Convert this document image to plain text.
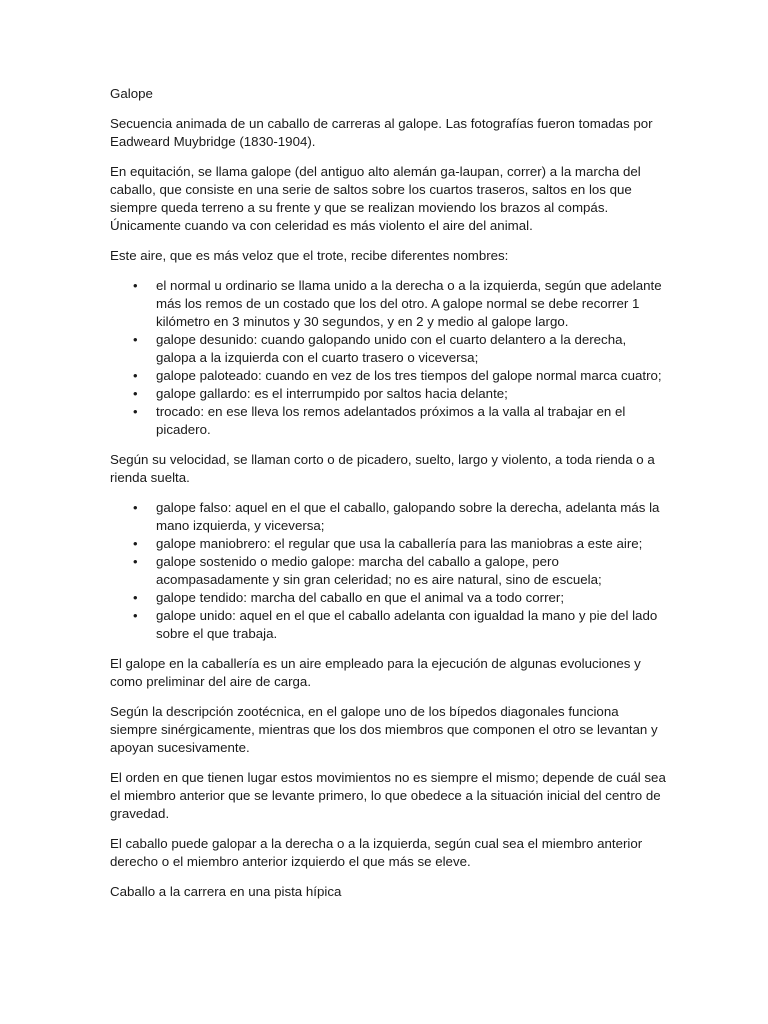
Galope

Secuencia animada de un caballo de carreras al galope. Las fotografías fueron tomadas por Eadweard Muybridge (1830-1904).

En equitación, se llama galope (del antiguo alto alemán ga-laupan, correr) a la marcha del caballo, que consiste en una serie de saltos sobre los cuartos traseros, saltos en los que siempre queda terreno a su frente y que se realizan moviendo los brazos al compás. Únicamente cuando va con celeridad es más violento el aire del animal.

Este aire, que es más veloz que el trote, recibe diferentes nombres:

• el normal u ordinario se llama unido a la derecha o a la izquierda, según que adelante más los remos de un costado que los del otro. A galope normal se debe recorrer 1 kilómetro en 3 minutos y 30 segundos, y en 2 y medio al galope largo.
• galope desunido: cuando galopando unido con el cuarto delantero a la derecha, galopa a la izquierda con el cuarto trasero o viceversa;
• galope paloteado: cuando en vez de los tres tiempos del galope normal marca cuatro;
• galope gallardo: es el interrumpido por saltos hacia delante;
• trocado: en ese lleva los remos adelantados próximos a la valla al trabajar en el picadero.

Según su velocidad, se llaman corto o de picadero, suelto, largo y violento, a toda rienda o a rienda suelta.

• galope falso: aquel en el que el caballo, galopando sobre la derecha, adelanta más la mano izquierda, y viceversa;
• galope maniobrero: el regular que usa la caballería para las maniobras a este aire;
• galope sostenido o medio galope: marcha del caballo a galope, pero acompasadamente y sin gran celeridad; no es aire natural, sino de escuela;
• galope tendido: marcha del caballo en que el animal va a todo correr;
• galope unido: aquel en el que el caballo adelanta con igualdad la mano y pie del lado sobre el que trabaja.

El galope en la caballería es un aire empleado para la ejecución de algunas evoluciones y como preliminar del aire de carga.

Según la descripción zootécnica, en el galope uno de los bípedos diagonales funciona siempre sinérgicamente, mientras que los dos miembros que componen el otro se levantan y apoyan sucesivamente.

El orden en que tienen lugar estos movimientos no es siempre el mismo; depende de cuál sea el miembro anterior que se levante primero, lo que obedece a la situación inicial del centro de gravedad.

El caballo puede galopar a la derecha o a la izquierda, según cual sea el miembro anterior derecho o el miembro anterior izquierdo el que más se eleve.

Caballo a la carrera en una pista hípica
